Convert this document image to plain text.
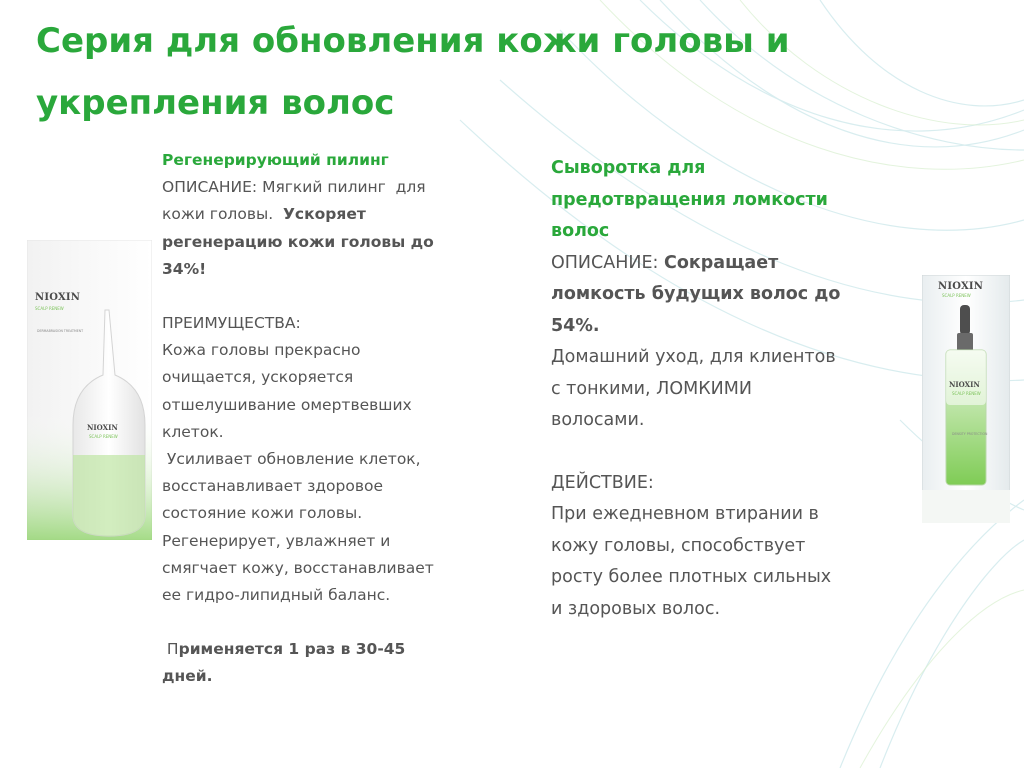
Серия для обновления кожи головы и
укрепления волос
NIOXIN
SCALP RENEW
DERMABRASION TREATMENT
NIOXIN
SCALP RENEW
NIOXIN
SCALP RENEW
NIOXIN
SCALP RENEW
DENSITY PROTECTION
Регенерирующий пилинг
ОПИСАНИЕ: Мягкий пилинг  для
кожи головы.  Ускоряет
регенерацию кожи головы до
34%!
ПРЕИМУЩЕСТВА:
Кожа головы прекрасно
очищается, ускоряется
отшелушивание омертвевших
клеток.
Усиливает обновление клеток,
восстанавливает здоровое
состояние кожи головы.
Регенерирует, увлажняет и
смягчает кожу, восстанавливает
ее гидро-липидный баланс.
Применяется 1 раз в 30-45
дней.
Сыворотка для
предотвращения ломкости
волос
ОПИСАНИЕ: Сокращает
ломкость будущих волос до
54%.
Домашний уход, для клиентов
с тонкими, ЛОМКИМИ
волосами.
ДЕЙСТВИЕ:
При ежедневном втирании в
кожу головы, способствует
росту более плотных сильных
и здоровых волос.
